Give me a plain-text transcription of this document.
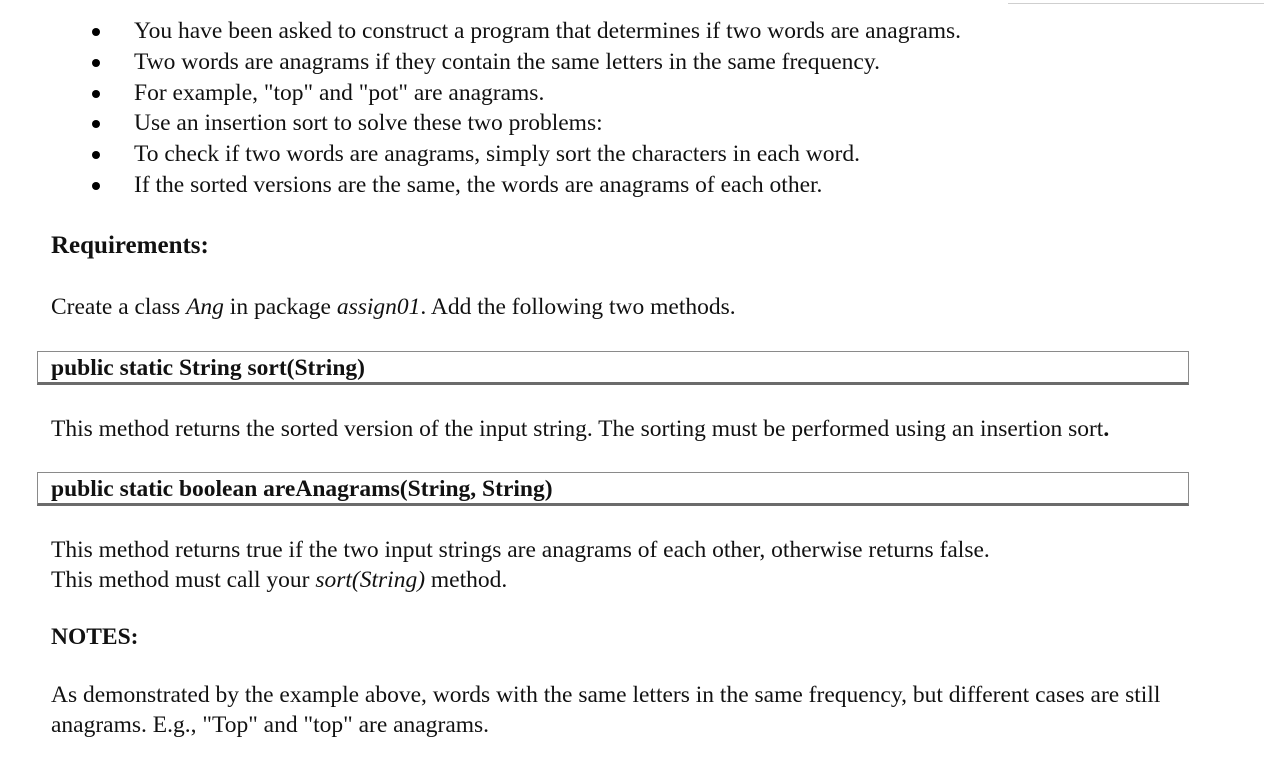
You have been asked to construct a program that determines if two words are anagrams.
Two words are anagrams if they contain the same letters in the same frequency.
For example, "top" and "pot" are anagrams.
Use an insertion sort to solve these two problems:
To check if two words are anagrams, simply sort the characters in each word.
If the sorted versions are the same, the words are anagrams of each other.
Requirements:
Create a class Ang in package assign01. Add the following two methods.
public static String sort(String)
This method returns the sorted version of the input string. The sorting must be performed using an insertion sort.
public static boolean areAnagrams(String, String)
This method returns true if the two input strings are anagrams of each other, otherwise returns false.
This method must call your sort(String) method.
NOTES:
As demonstrated by the example above, words with the same letters in the same frequency, but different cases are still
anagrams. E.g., "Top" and "top" are anagrams.
